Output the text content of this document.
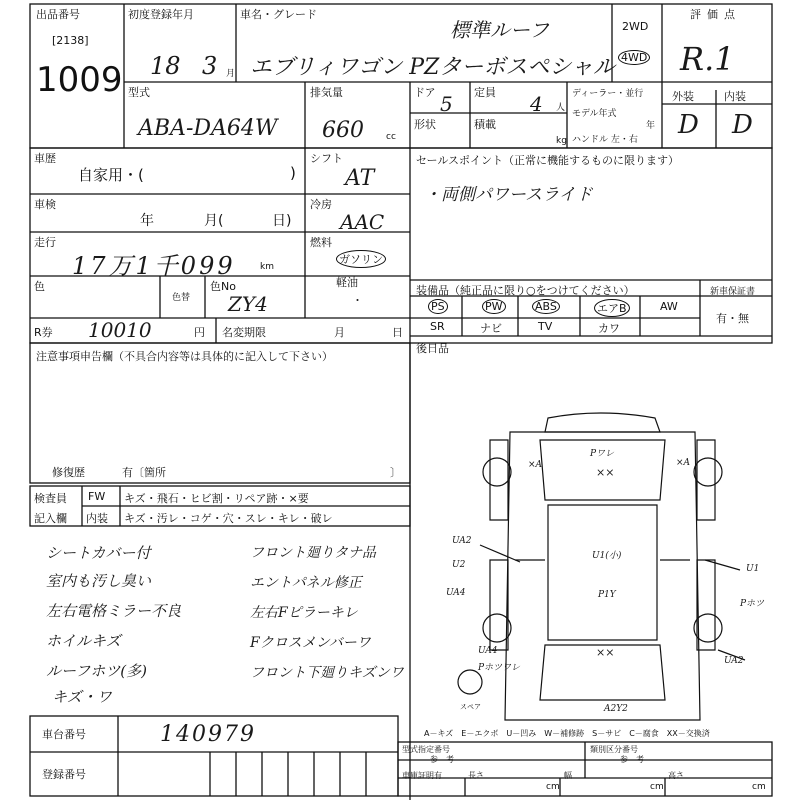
出品番号
[2138]
1009
初度登録年月
18 3 月
車名・グレード
標準ルーフ
エブリィワゴン PZターボスペシャル
2WD
4WD
評価点
R.1
型式
ABA-DA64W
排気量
660 cc
ドア 5 定員 4 人
形状	積載
kg
ディーラー・並行
モデル年式
年
ハンドル 左・右
外装	内装
D D
車歴
自家用・(	)
シフト
AT
車検
年	月(	日)
冷房
AAC
走行
17万1千099	km
燃料
ガソリン
軽油
・
色
色替
色No
ZY4
R券 10010	円 名変期限	月	日
セールスポイント（正常に機能するものに限ります）
・両側パワースライド
装備品（純正品に限り○をつけてください）	新車保証書
PS	PW	ABS	エアB	AW
SR	ナビ	TV	カワ
有・無
後日品
注意事項申告欄（不具合内容等は具体的に記入して下さい）
修復歴	有〔箇所	〕
検査員
記入欄
FW キズ・飛石・ヒビ割・リペア跡・×要
内装 キズ・汚レ・コゲ・穴・スレ・キレ・破レ
シートカバー付
室内も汚し臭い
左右電格ミラー不良
ホイルキズ
ルーフホツ(多)
キズ・ワ
フロント廻りタナ品
エントパネル修正
左右Fピラーキレ
Fクロスメンバーワ
フロント下廻りキズンワ
Pワレ
××
×A	×A
UA2
U2
UA4
U1(小)
P1Y
U1
Pホツ
××
UA2
UA4
Pホツワレ
A2Y2
スペア
A－キズ　E－エクボ　U－凹み　W－補修跡　S－サビ　C－腐食　XX－交換済
車台番号	140979
登録番号
型式指定番号	類別区分番号
参　考	参　考
車庫証明有	長さ	幅	高さ
cm	cm	cm
